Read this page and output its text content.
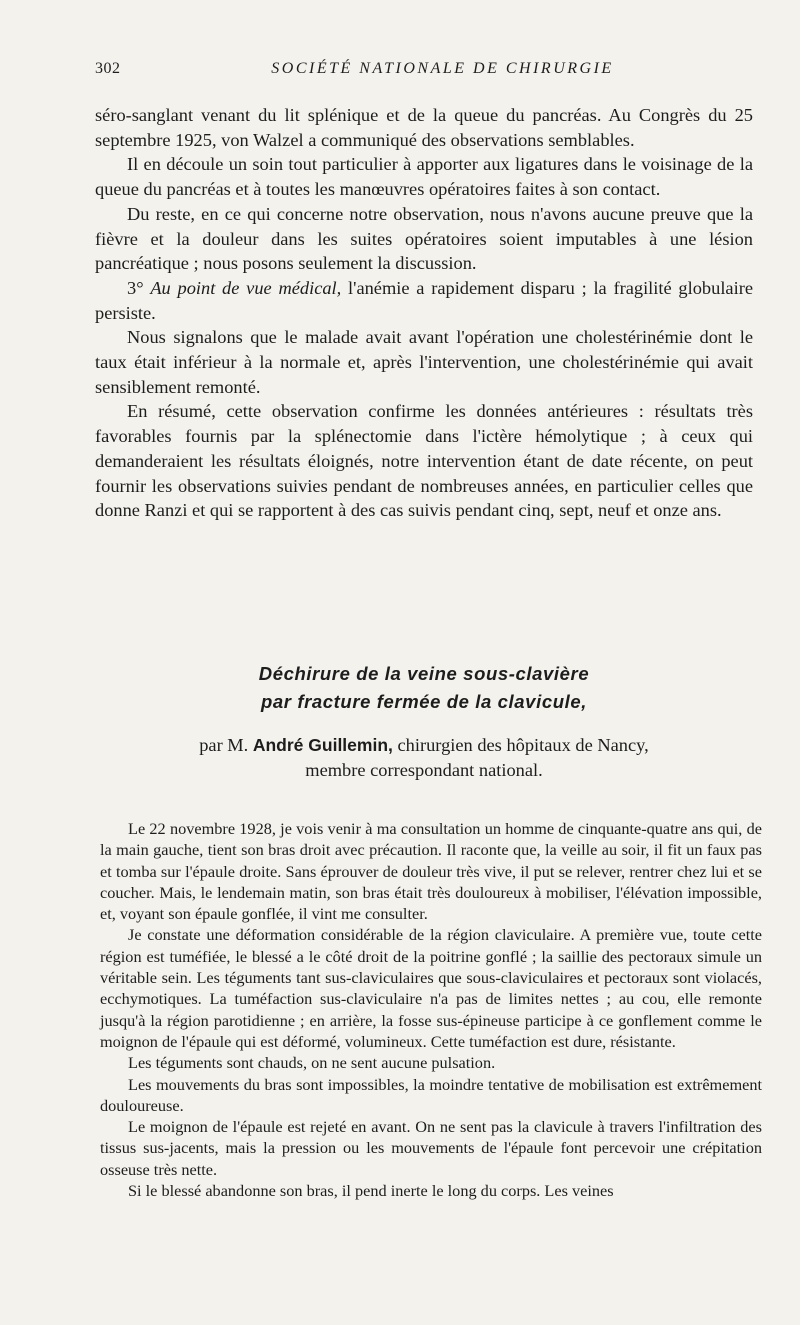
302	SOCIÉTÉ NATIONALE DE CHIRURGIE

séro-sanglant venant du lit splénique et de la queue du pancréas. Au Congrès du 25 septembre 1925, von Walzel a communiqué des observations semblables.

Il en découle un soin tout particulier à apporter aux ligatures dans le voisinage de la queue du pancréas et à toutes les manœuvres opératoires faites à son contact.

Du reste, en ce qui concerne notre observation, nous n'avons aucune preuve que la fièvre et la douleur dans les suites opératoires soient imputables à une lésion pancréatique ; nous posons seulement la discussion.

3° Au point de vue médical, l'anémie a rapidement disparu ; la fragilité globulaire persiste.

Nous signalons que le malade avait avant l'opération une cholestérinémie dont le taux était inférieur à la normale et, après l'intervention, une cholestérinémie qui avait sensiblement remonté.

En résumé, cette observation confirme les données antérieures : résultats très favorables fournis par la splénectomie dans l'ictère hémolytique ; à ceux qui demanderaient les résultats éloignés, notre intervention étant de date récente, on peut fournir les observations suivies pendant de nombreuses années, en particulier celles que donne Ranzi et qui se rapportent à des cas suivis pendant cinq, sept, neuf et onze ans.

Déchirure de la veine sous-clavière
par fracture fermée de la clavicule,
par M. André Guillemin, chirurgien des hôpitaux de Nancy,
membre correspondant national.

Le 22 novembre 1928, je vois venir à ma consultation un homme de cinquante-quatre ans qui, de la main gauche, tient son bras droit avec précaution. Il raconte que, la veille au soir, il fit un faux pas et tomba sur l'épaule droite. Sans éprouver de douleur très vive, il put se relever, rentrer chez lui et se coucher. Mais, le lendemain matin, son bras était très douloureux à mobiliser, l'élévation impossible, et, voyant son épaule gonflée, il vint me consulter.

Je constate une déformation considérable de la région claviculaire. A première vue, toute cette région est tuméfiée, le blessé a le côté droit de la poitrine gonflé ; la saillie des pectoraux simule un véritable sein. Les téguments tant sus-claviculaires que sous-claviculaires et pectoraux sont violacés, ecchymotiques. La tuméfaction sus-claviculaire n'a pas de limites nettes ; au cou, elle remonte jusqu'à la région parotidienne ; en arrière, la fosse sus-épineuse participe à ce gonflement comme le moignon de l'épaule qui est déformé, volumineux. Cette tuméfaction est dure, résistante.

Les téguments sont chauds, on ne sent aucune pulsation.

Les mouvements du bras sont impossibles, la moindre tentative de mobilisation est extrêmement douloureuse.

Le moignon de l'épaule est rejeté en avant. On ne sent pas la clavicule à travers l'infiltration des tissus sus-jacents, mais la pression ou les mouvements de l'épaule font percevoir une crépitation osseuse très nette.

Si le blessé abandonne son bras, il pend inerte le long du corps. Les veines
